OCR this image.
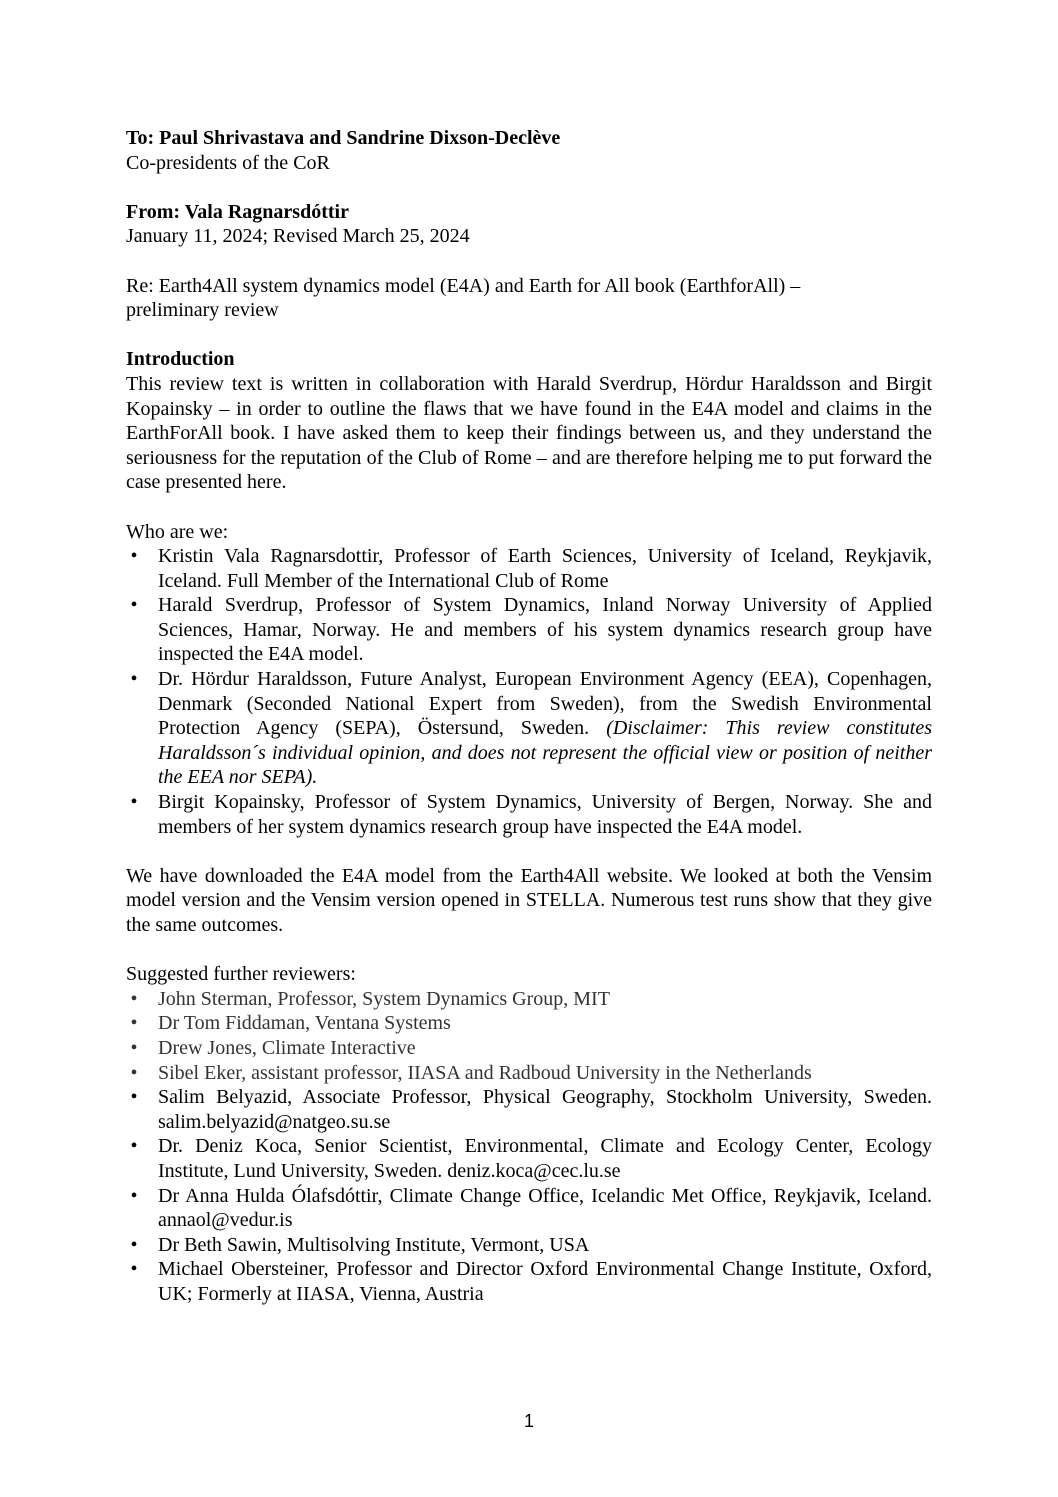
To: Paul Shrivastava and Sandrine Dixson-Declève

Co-presidents of the CoR

From: Vala Ragnarsdóttir

January 11, 2024; Revised March 25, 2024

Re: Earth4All system dynamics model (E4A) and Earth for All book (EarthforAll) –

preliminary review

Introduction

This review text is written in collaboration with Harald Sverdrup, Hördur Haraldsson and Birgit Kopainsky – in order to outline the flaws that we have found in the E4A model and claims in the EarthForAll book. I have asked them to keep their findings between us, and they understand the seriousness for the reputation of the Club of Rome – and are therefore helping me to put forward the case presented here.

Who are we:

• Kristin Vala Ragnarsdottir, Professor of Earth Sciences, University of Iceland, Reykjavik, Iceland. Full Member of the International Club of Rome
• Harald Sverdrup, Professor of System Dynamics, Inland Norway University of Applied Sciences, Hamar, Norway. He and members of his system dynamics research group have inspected the E4A model.
• Dr. Hördur Haraldsson, Future Analyst, European Environment Agency (EEA), Copenhagen, Denmark (Seconded National Expert from Sweden), from the Swedish Environmental Protection Agency (SEPA), Östersund, Sweden. (Disclaimer: This review constitutes Haraldsson´s individual opinion, and does not represent the official view or position of neither the EEA nor SEPA).
• Birgit Kopainsky, Professor of System Dynamics, University of Bergen, Norway. She and members of her system dynamics research group have inspected the E4A model.

We have downloaded the E4A model from the Earth4All website. We looked at both the Vensim model version and the Vensim version opened in STELLA. Numerous test runs show that they give the same outcomes.

Suggested further reviewers:

• John Sterman, Professor, System Dynamics Group, MIT
• Dr Tom Fiddaman, Ventana Systems
• Drew Jones, Climate Interactive
• Sibel Eker, assistant professor, IIASA and Radboud University in the Netherlands
• Salim Belyazid, Associate Professor, Physical Geography, Stockholm University, Sweden. salim.belyazid@natgeo.su.se
• Dr. Deniz Koca, Senior Scientist, Environmental, Climate and Ecology Center, Ecology Institute, Lund University, Sweden. deniz.koca@cec.lu.se
• Dr Anna Hulda Ólafsdóttir, Climate Change Office, Icelandic Met Office, Reykjavik, Iceland. annaol@vedur.is
• Dr Beth Sawin, Multisolving Institute, Vermont, USA
• Michael Obersteiner, Professor and Director Oxford Environmental Change Institute, Oxford, UK; Formerly at IIASA, Vienna, Austria
1
